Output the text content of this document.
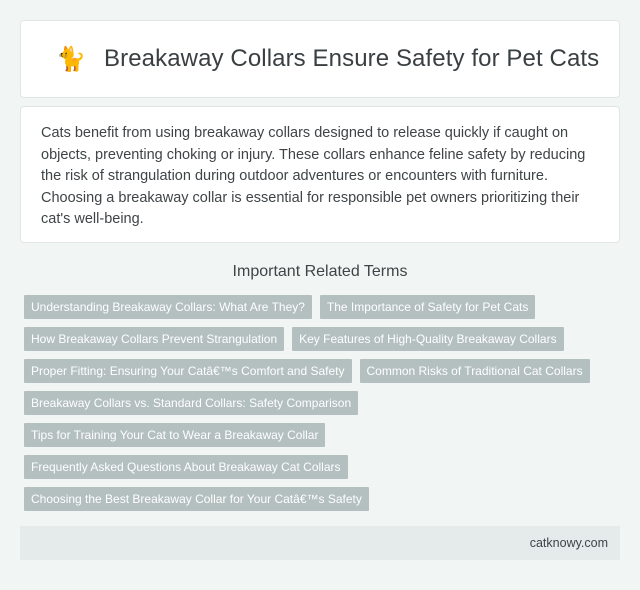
🐈 Breakaway Collars Ensure Safety for Pet Cats

Cats benefit from using breakaway collars designed to release quickly if caught on objects, preventing choking or injury. These collars enhance feline safety by reducing the risk of strangulation during outdoor adventures or encounters with furniture. Choosing a breakaway collar is essential for responsible pet owners prioritizing their cat's well-being.

Important Related Terms
Understanding Breakaway Collars: What Are They?	The Importance of Safety for Pet Cats
How Breakaway Collars Prevent Strangulation	Key Features of High-Quality Breakaway Collars
Proper Fitting: Ensuring Your Catâ€™s Comfort and Safety	Common Risks of Traditional Cat Collars
Breakaway Collars vs. Standard Collars: Safety Comparison
Tips for Training Your Cat to Wear a Breakaway Collar
Frequently Asked Questions About Breakaway Cat Collars
Choosing the Best Breakaway Collar for Your Catâ€™s Safety
catknowy.com
